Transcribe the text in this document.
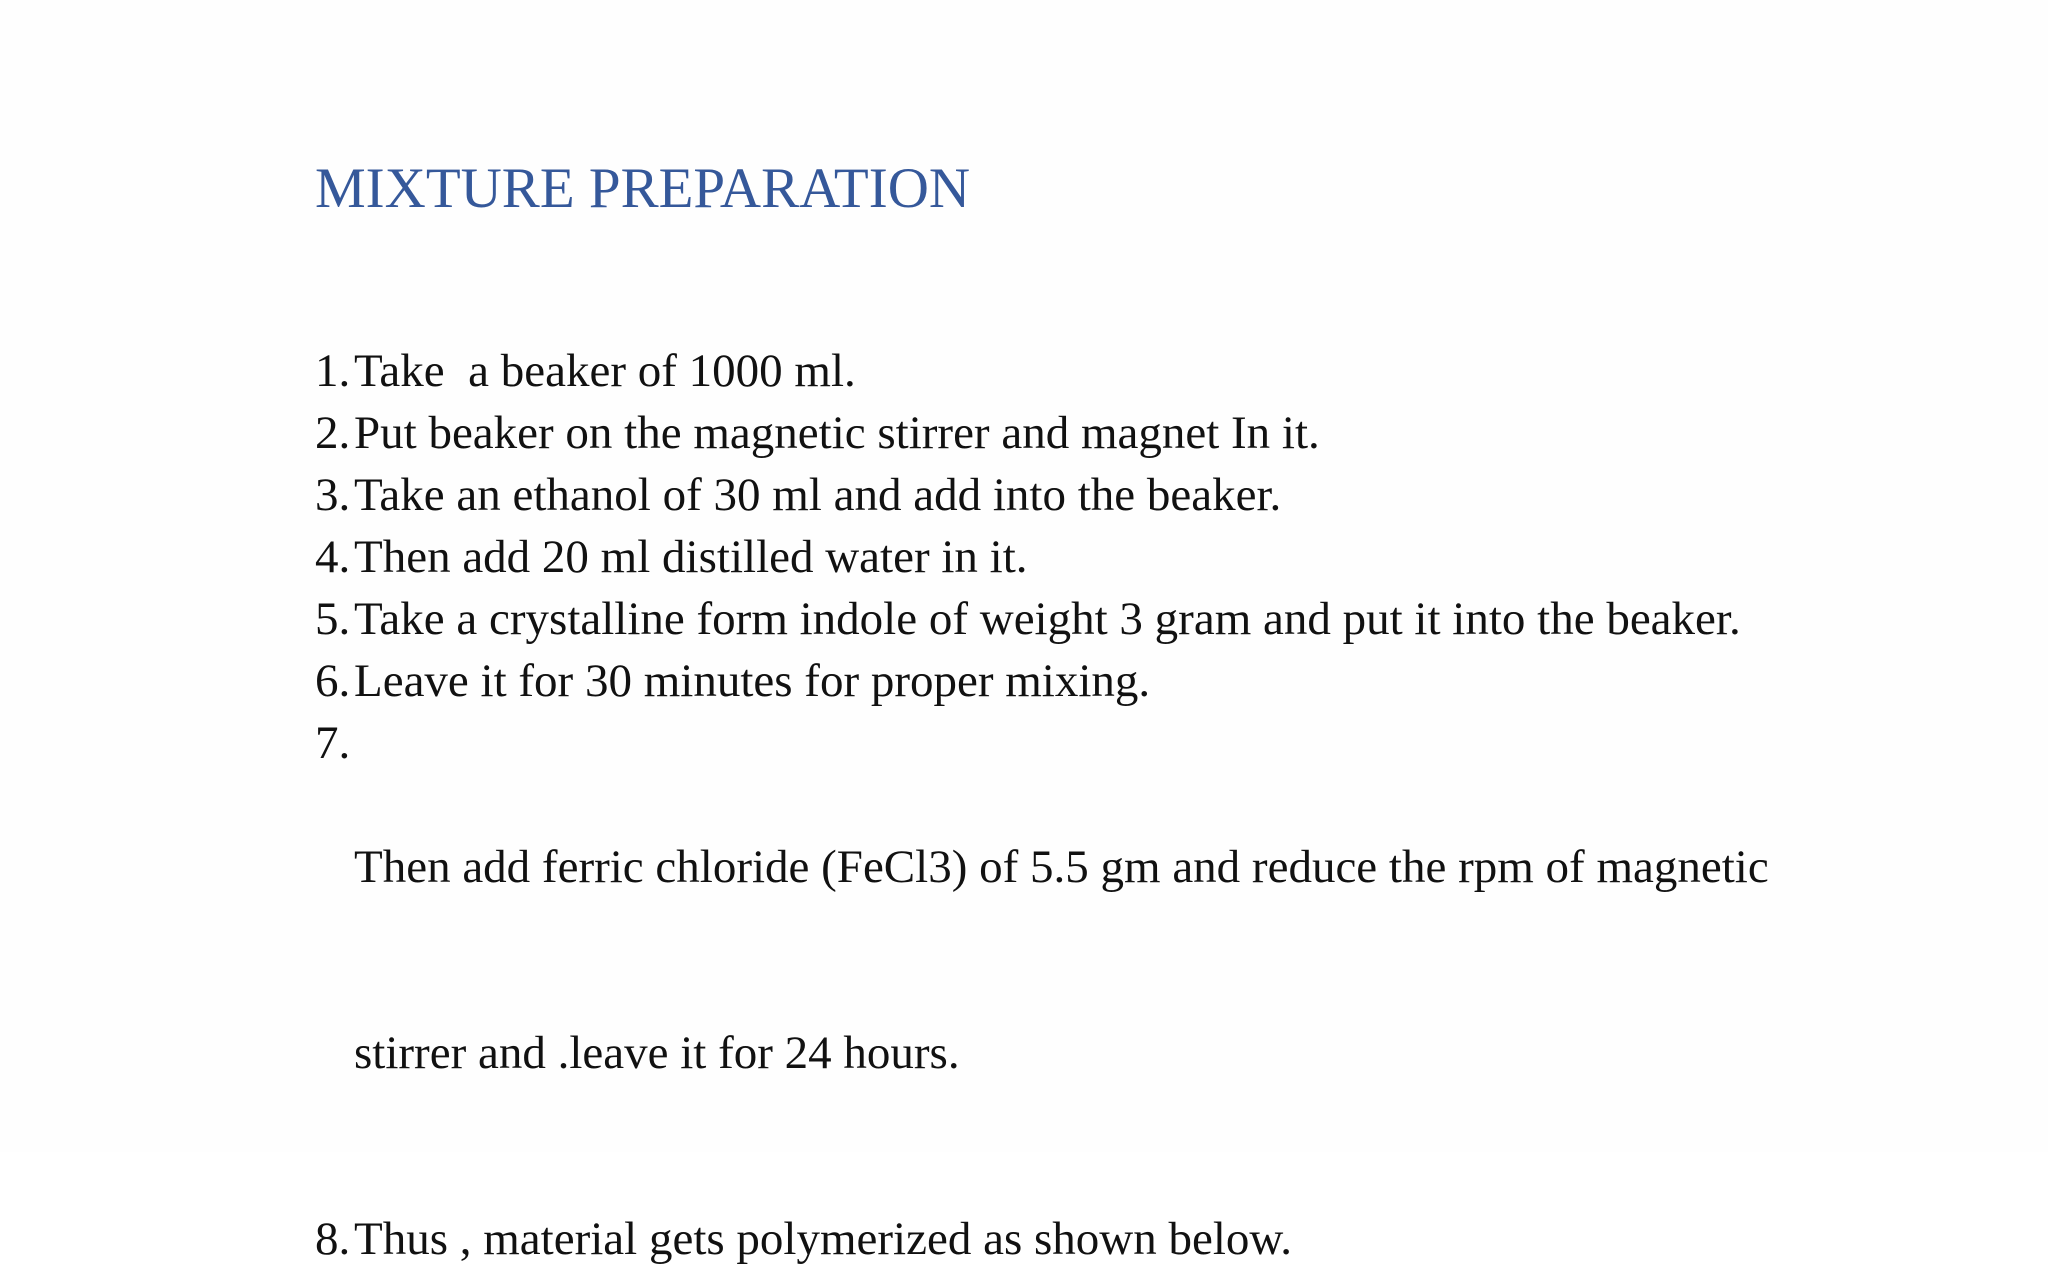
MIXTURE PREPARATION
1. Take  a beaker of 1000 ml.
2. Put beaker on the magnetic stirrer and magnet In it.
3. Take an ethanol of 30 ml and add into the beaker.
4. Then add 20 ml distilled water in it.
5. Take a crystalline form indole of weight 3 gram and put it into the beaker.
6. Leave it for 30 minutes for proper mixing.
7.

Then add ferric chloride (FeCl3) of 5.5 gm and reduce the rpm of magnetic

stirrer and .leave it for 24 hours.

8. Thus , material gets polymerized as shown below.
